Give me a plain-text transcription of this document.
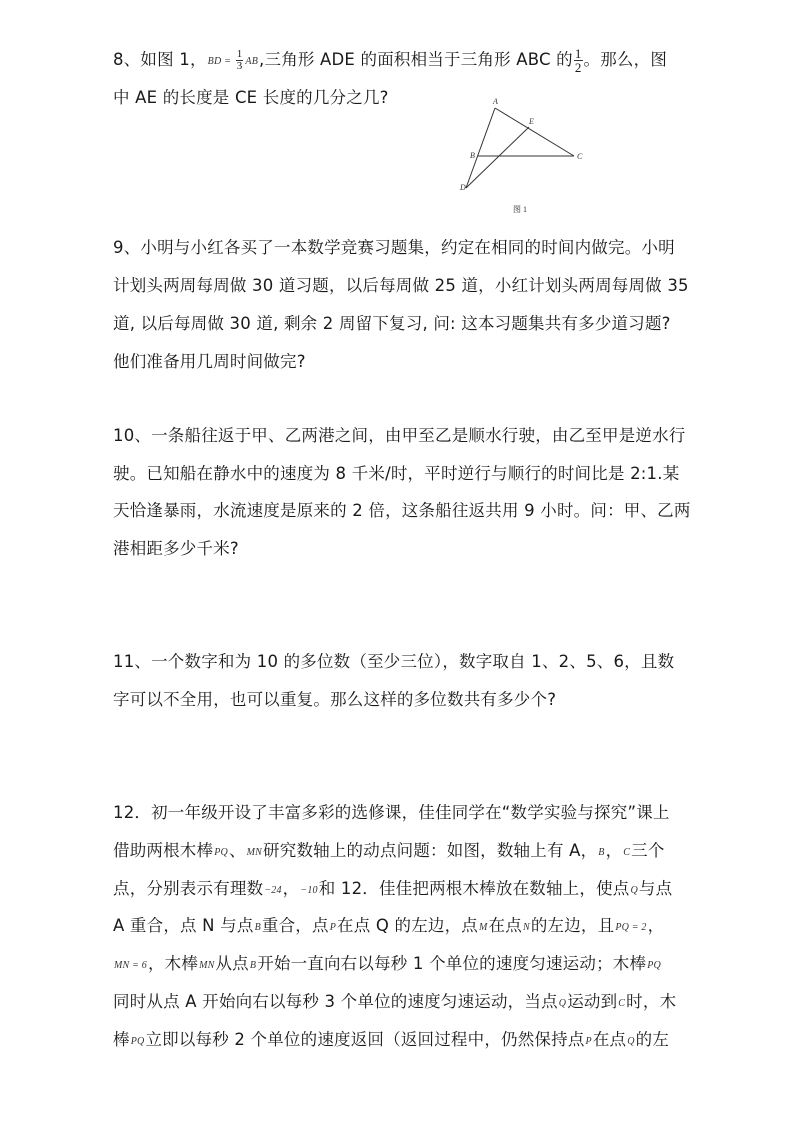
8、如图 1，BD = $\frac{1}{3}$ AB,三角形 ADE 的面积相当于三角形 ABC 的 $\frac{1}{2}$ 。那么，图
中 AE 的长度是 CE 长度的几分之几?	A
E
B	C
D
图 1
9、小明与小红各买了一本数学竞赛习题集，约定在相同的时间内做完。小明
计划头两周每周做 30 道习题，以后每周做 25 道，小红计划头两周每周做 35
道, 以后每周做 30 道, 剩余 2 周留下复习, 问: 这本习题集共有多少道习题?
他们准备用几周时间做完?
10、一条船往返于甲、乙两港之间，由甲至乙是顺水行驶，由乙至甲是逆水行
驶。已知船在静水中的速度为 8 千米/时，平时逆行与顺行的时间比是 2:1.某
天恰逢暴雨，水流速度是原来的 2 倍，这条船往返共用 9 小时。问：甲、乙两
港相距多少千米?
11、一个数字和为 10 的多位数（至少三位），数字取自 1、2、5、6，且数
字可以不全用，也可以重复。那么这样的多位数共有多少个?
12．初一年级开设了丰富多彩的选修课，佳佳同学在“数学实验与探究”课上
借助两根木棒PQ、MN研究数轴上的动点问题：如图，数轴上有 A，B，C三个
点，分别表示有理数−24，−10和 12．佳佳把两根木棒放在数轴上，使点Q与点
A 重合，点 N 与点B重合，点P在点 Q 的左边，点M在点N的左边，且PQ = 2，
MN = 6，木棒MN从点B开始一直向右以每秒 1 个单位的速度匀速运动；木棒PQ
同时从点 A 开始向右以每秒 3 个单位的速度匀速运动，当点Q运动到C时，木
棒PQ立即以每秒 2 个单位的速度返回（返回过程中，仍然保持点P在点Q的左
